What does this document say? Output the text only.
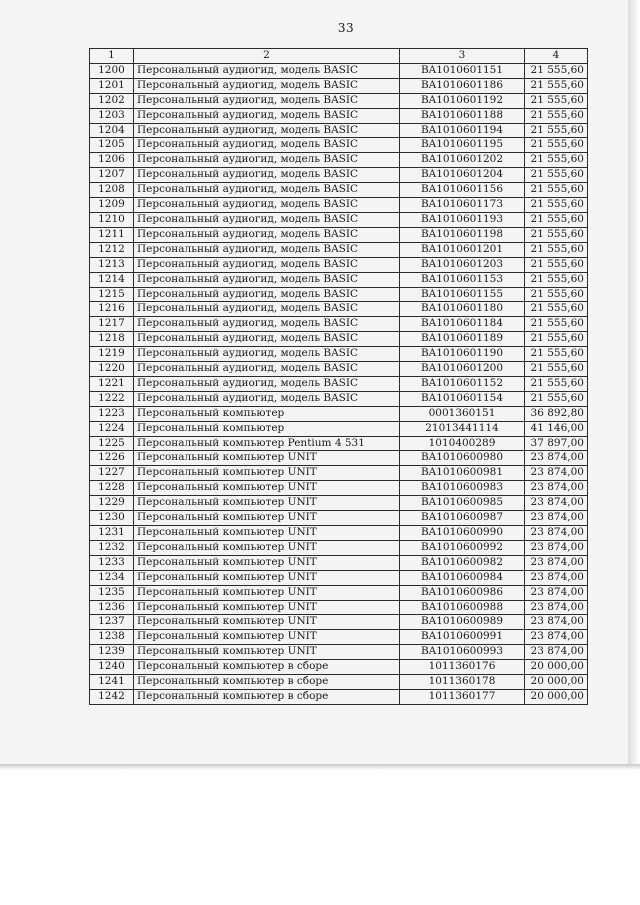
33
1	2	3	4
1200	Персональный аудиогид, модель BASIC	BA1010601151	21 555,60
1201	Персональный аудиогид, модель BASIC	BA1010601186	21 555,60
1202	Персональный аудиогид, модель BASIC	BA1010601192	21 555,60
1203	Персональный аудиогид, модель BASIC	BA1010601188	21 555,60
1204	Персональный аудиогид, модель BASIC	BA1010601194	21 555,60
1205	Персональный аудиогид, модель BASIC	BA1010601195	21 555,60
1206	Персональный аудиогид, модель BASIC	BA1010601202	21 555,60
1207	Персональный аудиогид, модель BASIC	BA1010601204	21 555,60
1208	Персональный аудиогид, модель BASIC	BA1010601156	21 555,60
1209	Персональный аудиогид, модель BASIC	BA1010601173	21 555,60
1210	Персональный аудиогид, модель BASIC	BA1010601193	21 555,60
1211	Персональный аудиогид, модель BASIC	BA1010601198	21 555,60
1212	Персональный аудиогид, модель BASIC	BA1010601201	21 555,60
1213	Персональный аудиогид, модель BASIC	BA1010601203	21 555,60
1214	Персональный аудиогид, модель BASIC	BA1010601153	21 555,60
1215	Персональный аудиогид, модель BASIC	BA1010601155	21 555,60
1216	Персональный аудиогид, модель BASIC	BA1010601180	21 555,60
1217	Персональный аудиогид, модель BASIC	BA1010601184	21 555,60
1218	Персональный аудиогид, модель BASIC	BA1010601189	21 555,60
1219	Персональный аудиогид, модель BASIC	BA1010601190	21 555,60
1220	Персональный аудиогид, модель BASIC	BA1010601200	21 555,60
1221	Персональный аудиогид, модель BASIC	BA1010601152	21 555,60
1222	Персональный аудиогид, модель BASIC	BA1010601154	21 555,60
1223	Персональный компьютер	0001360151	36 892,80
1224	Персональный компьютер	21013441114	41 146,00
1225	Персональный компьютер Pentium 4 531	1010400289	37 897,00
1226	Персональный компьютер UNIT	BA1010600980	23 874,00
1227	Персональный компьютер UNIT	BA1010600981	23 874,00
1228	Персональный компьютер UNIT	BA1010600983	23 874,00
1229	Персональный компьютер UNIT	BA1010600985	23 874,00
1230	Персональный компьютер UNIT	BA1010600987	23 874,00
1231	Персональный компьютер UNIT	BA1010600990	23 874,00
1232	Персональный компьютер UNIT	BA1010600992	23 874,00
1233	Персональный компьютер UNIT	BA1010600982	23 874,00
1234	Персональный компьютер UNIT	BA1010600984	23 874,00
1235	Персональный компьютер UNIT	BA1010600986	23 874,00
1236	Персональный компьютер UNIT	BA1010600988	23 874,00
1237	Персональный компьютер UNIT	BA1010600989	23 874,00
1238	Персональный компьютер UNIT	BA1010600991	23 874,00
1239	Персональный компьютер UNIT	BA1010600993	23 874,00
1240	Персональный компьютер в сборе	1011360176	20 000,00
1241	Персональный компьютер в сборе	1011360178	20 000,00
1242	Персональный компьютер в сборе	1011360177	20 000,00
